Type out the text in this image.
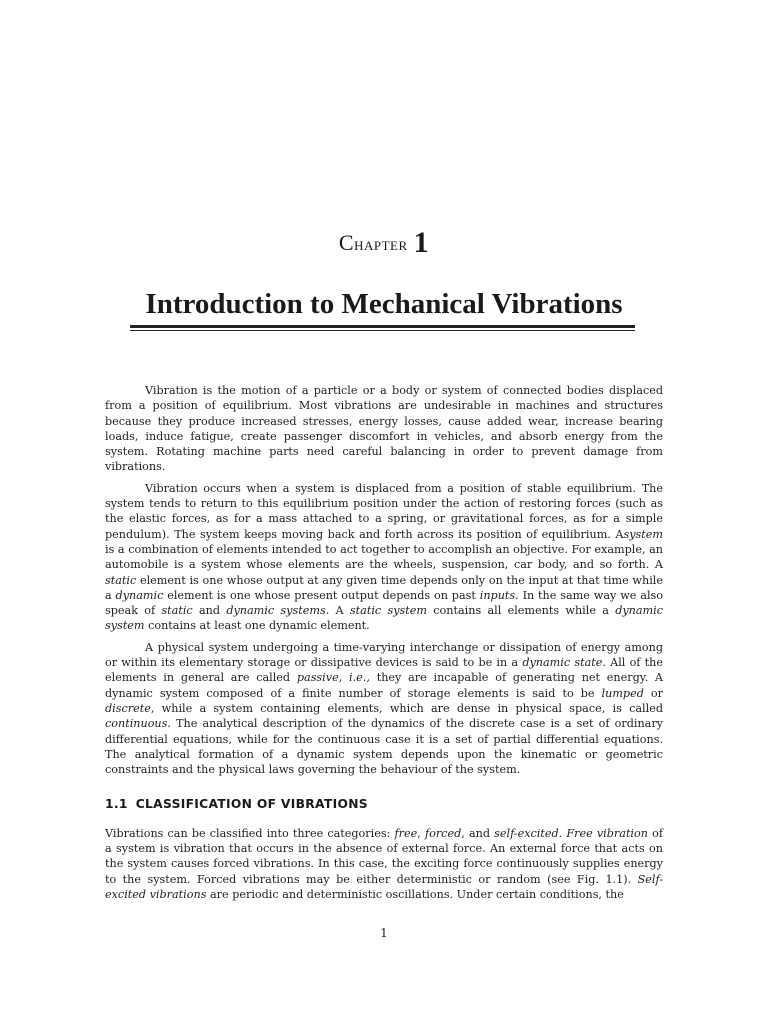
Chapter 1
Introduction to Mechanical Vibrations

Vibration is the motion of a particle or a body or system of connected bodies displaced from a position of equilibrium. Most vibrations are undesirable in machines and structures because they produce increased stresses, energy losses, cause added wear, increase bearing loads, induce fatigue, create passenger discomfort in vehicles, and absorb energy from the system. Rotating machine parts need careful balancing in order to prevent damage from vibrations.

Vibration occurs when a system is displaced from a position of stable equilibrium. The system tends to return to this equilibrium position under the action of restoring forces (such as the elastic forces, as for a mass attached to a spring, or gravitational forces, as for a simple pendulum). The system keeps moving back and forth across its position of equilibrium. Asystem is a combination of elements intended to act together to accomplish an objective. For example, an automobile is a system whose elements are the wheels, suspension, car body, and so forth. A static element is one whose output at any given time depends only on the input at that time while a dynamic element is one whose present output depends on past inputs. In the same way we also speak of static and dynamic systems. A static system contains all elements while a dynamic system contains at least one dynamic element.

A physical system undergoing a time-varying interchange or dissipation of energy among or within its elementary storage or dissipative devices is said to be in a dynamic state. All of the elements in general are called passive, i.e., they are incapable of generating net energy. A dynamic system composed of a finite number of storage elements is said to be lumped or discrete, while a system containing elements, which are dense in physical space, is called continuous. The analytical description of the dynamics of the discrete case is a set of ordinary differential equations, while for the continuous case it is a set of partial differential equations. The analytical formation of a dynamic system depends upon the kinematic or geometric constraints and the physical laws governing the behaviour of the system.

1.1 CLASSIFICATION OF VIBRATIONS

Vibrations can be classified into three categories: free, forced, and self-excited. Free vibration of a system is vibration that occurs in the absence of external force. An external force that acts on the system causes forced vibrations. In this case, the exciting force continuously supplies energy to the system. Forced vibrations may be either deterministic or random (see Fig. 1.1). Self-excited vibrations are periodic and deterministic oscillations. Under certain conditions, the

1
